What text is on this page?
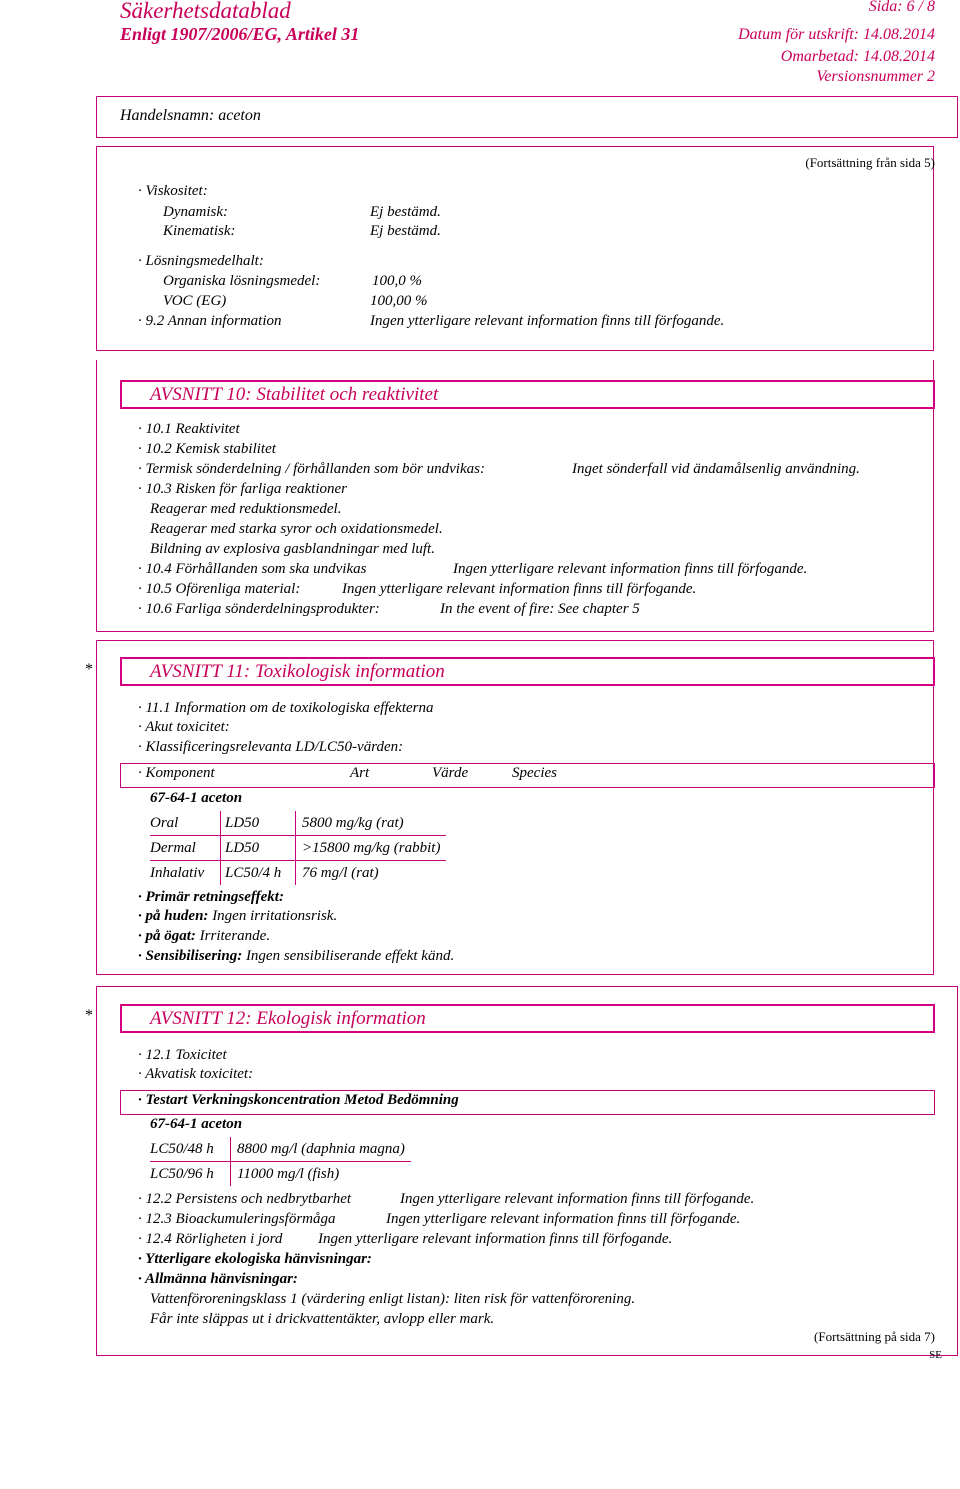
Säkerhetsdatablad	Sida: 6 / 8
Enligt 1907/2006/EG, Artikel 31	Datum för utskrift: 14.08.2014
Omarbetad: 14.08.2014
Versionsnummer 2
Handelsnamn: aceton
(Fortsättning från sida 5)
· Viskositet:
Dynamisk:	Ej bestämd.
Kinematisk:	Ej bestämd.
· Lösningsmedelhalt:
Organiska lösningsmedel:	100,0 %
VOC (EG)	100,00 %
· 9.2 Annan information	Ingen ytterligare relevant information finns till förfogande.
AVSNITT 10: Stabilitet och reaktivitet
· 10.1 Reaktivitet
· 10.2 Kemisk stabilitet
· Termisk sönderdelning / förhållanden som bör undvikas:	Inget sönderfall vid ändamålsenlig användning.
· 10.3 Risken för farliga reaktioner
Reagerar med reduktionsmedel.
Reagerar med starka syror och oxidationsmedel.
Bildning av explosiva gasblandningar med luft.
· 10.4 Förhållanden som ska undvikas	Ingen ytterligare relevant information finns till förfogande.
· 10.5 Oförenliga material:	Ingen ytterligare relevant information finns till förfogande.
· 10.6 Farliga sönderdelningsprodukter:	In the event of fire: See chapter 5
*	AVSNITT 11: Toxikologisk information
· 11.1 Information om de toxikologiska effekterna
· Akut toxicitet:
· Klassificeringsrelevanta LD/LC50-värden:
· Komponent	Art	Värde	Species
67-64-1 aceton
Oral	LD50	5800 mg/kg (rat)
Dermal	LD50	>15800 mg/kg (rabbit)
Inhalativ	LC50/4 h	76 mg/l (rat)
· Primär retningseffekt:
· på huden: Ingen irritationsrisk.
· på ögat: Irriterande.
· Sensibilisering: Ingen sensibiliserande effekt känd.
*	AVSNITT 12: Ekologisk information
· 12.1 Toxicitet
· Akvatisk toxicitet:
· Testart Verkningskoncentration Metod Bedömning
67-64-1 aceton
LC50/48 h	8800 mg/l (daphnia magna)
LC50/96 h	11000 mg/l (fish)
· 12.2 Persistens och nedbrytbarhet	Ingen ytterligare relevant information finns till förfogande.
· 12.3 Bioackumuleringsförmåga	Ingen ytterligare relevant information finns till förfogande.
· 12.4 Rörligheten i jord Ingen ytterligare relevant information finns till förfogande.
· Ytterligare ekologiska hänvisningar:
· Allmänna hänvisningar:
Vattenföroreningsklass 1 (värdering enligt listan): liten risk för vattenförorening.
Får inte släppas ut i drickvattentäkter, avlopp eller mark.
(Fortsättning på sida 7)
SE
